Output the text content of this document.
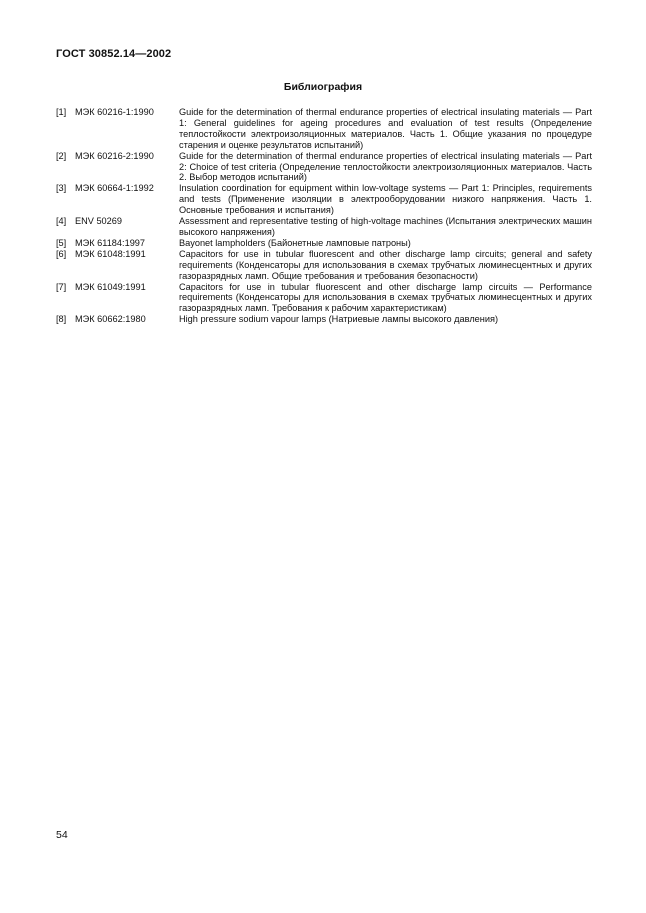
ГОСТ 30852.14—2002
Библиография
[1] МЭК 60216-1:1990	Guide for the determination of thermal endurance properties of electrical insulating materials — Part 1: General guidelines for ageing procedures and evaluation of test results (Определение теплостойкости электроизоляционных материалов. Часть 1. Общие указания по процедуре старения и оценке результатов испытаний)
[2] МЭК 60216-2:1990	Guide for the determination of thermal endurance properties of electrical insulating materials — Part 2: Choice of test criteria (Определение теплостойкости электроизоляционных материалов. Часть 2. Выбор методов испытаний)
[3] МЭК 60664-1:1992	Insulation coordination for equipment within low-voltage systems — Part 1: Principles, requirements and tests (Применение изоляции в электрооборудовании низкого напряжения. Часть 1. Основные требования и испытания)
[4] ENV 50269	Assessment and representative testing of high-voltage machines (Испытания электрических машин высокого напряжения)
[5] МЭК 61184:1997	Bayonet lampholders (Байонетные ламповые патроны)
[6] МЭК 61048:1991	Capacitors for use in tubular fluorescent and other discharge lamp circuits; general and safety requirements (Конденсаторы для использования в схемах трубчатых люминесцентных и других газоразрядных ламп. Общие требования и требования безопасности)
[7] МЭК 61049:1991	Capacitors for use in tubular fluorescent and other discharge lamp circuits — Performance requirements (Конденсаторы для использования в схемах трубчатых люминесцентных и других газоразрядных ламп. Требования к рабочим характеристикам)
[8] МЭК 60662:1980	High pressure sodium vapour lamps (Натриевые лампы высокого давления)
54
